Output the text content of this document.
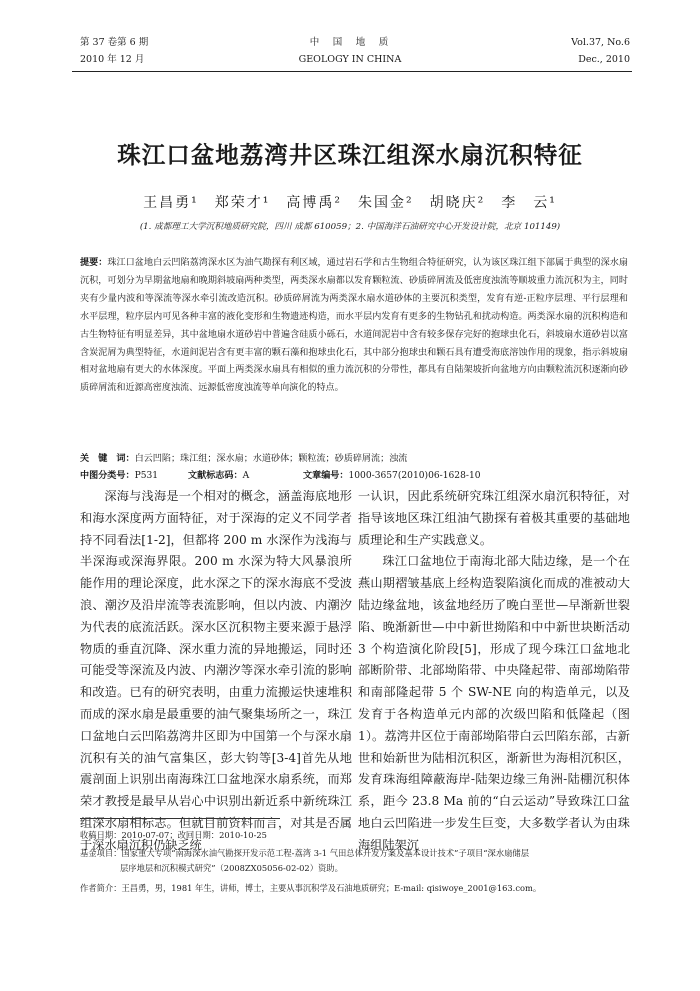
第 37 卷第 6 期
2010 年 12 月
中　国　地　质
GEOLOGY IN CHINA
Vol.37, No.6
Dec., 2010
珠江口盆地荔湾井区珠江组深水扇沉积特征
王昌勇¹　郑荣才¹　高博禹²　朱国金²　胡晓庆²　李　云¹
(1. 成都理工大学沉积地质研究院，四川 成都 610059；2. 中国海洋石油研究中心开发设计院，北京 101149)
提要：珠江口盆地白云凹陷荔湾深水区为油气勘探有利区域，通过岩石学和古生物组合特征研究，认为该区珠江组下部属于典型的深水扇沉积，可划分为早期盆地扇和晚期斜坡扇两种类型，两类深水扇都以发育颗粒流、砂质碎屑流及低密度浊流等顺坡重力流沉积为主，同时夹有少量内波和等深流等深水牵引流改造沉积。砂质碎屑流为两类深水扇水道砂体的主要沉积类型，发育有逆-正粒序层理、平行层理和水平层理，粒序层内可见各种丰富的液化变形和生物遗迹构造，而水平层内发育有更多的生物钻孔和扰动构造。两类深水扇的沉积构造和古生物特征有明显差异，其中盆地扇水道砂岩中普遍含硅质小砾石，水道间泥岩中含有较多保存完好的抱球虫化石，斜坡扇水道砂岩以富含炭泥屑为典型特征，水道间泥岩含有更丰富的颗石藻和抱球虫化石，其中部分抱球虫和颗石具有遭受海底溶蚀作用的现象，指示斜坡扇相对盆地扇有更大的水体深度。平面上两类深水扇具有相似的重力流沉积的分带性，都具有自陆架坡折向盆地方向由颗粒流沉积逐渐向砂质碎屑流和近源高密度浊流、远源低密度浊流等单向演化的特点。
关　键　词：白云凹陷；珠江组；深水扇；水道砂体；颗粒流；砂质碎屑流；浊流
中图分类号：P531	文献标志码：A	文章编号：1000-3657(2010)06-1628-10

深海与浅海是一个相对的概念，涵盖海底地形和海水深度两方面特征，对于深海的定义不同学者持不同看法[1-2]，但都将 200 m 水深作为浅海与半深海或深海界限。200 m 水深为特大风暴浪所能作用的理论深度，此水深之下的深水海底不受波浪、潮汐及沿岸流等表流影响，但以内波、内潮汐为代表的底流活跃。深水区沉积物主要来源于悬浮物质的垂直沉降、深水重力流的异地搬运，同时还可能受等深流及内波、内潮汐等深水牵引流的影响和改造。已有的研究表明，由重力流搬运快速堆积而成的深水扇是最重要的油气聚集场所之一，珠江口盆地白云凹陷荔湾井区即为中国第一个与深水扇沉积有关的油气富集区，彭大钧等[3-4]首先从地震剖面上识别出南海珠江口盆地深水扇系统，而郑荣才教授是最早从岩心中识别出新近系中新统珠江组深水扇相标志。但就目前资料而言，对其是否属于深水扇沉积仍缺乏统

一认识，因此系统研究珠江组深水扇沉积特征，对指导该地区珠江组油气勘探有着极其重要的基础地质理论和生产实践意义。

珠江口盆地位于南海北部大陆边缘，是一个在燕山期褶皱基底上经构造裂陷演化而成的准被动大陆边缘盆地，该盆地经历了晚白垩世—早渐新世裂陷、晚渐新世—中中新世拗陷和中中新世块断活动 3 个构造演化阶段[5]，形成了现今珠江口盆地北部断阶带、北部坳陷带、中央隆起带、南部坳陷带和南部隆起带 5 个 SW-NE 向的构造单元，以及发育于各构造单元内部的次级凹陷和低隆起（图 1）。荔湾井区位于南部坳陷带白云凹陷东部，古新世和始新世为陆相沉积区，渐新世为海相沉积区，发育珠海组障蔽海岸-陆架边缘三角洲-陆棚沉积体系，距今 23.8 Ma 前的“白云运动”导致珠江口盆地白云凹陷进一步发生巨变，大多数学者认为由珠海组陆架沉

收稿日期：2010-07-07；改回日期：2010-10-25
基金项目：国家重大专项“南海深水油气勘探开发示范工程-荔湾 3-1 气田总体开发方案及基本设计技术”子项目“深水扇储层
层序地层和沉积模式研究”（2008ZX05056-02-02）资助。
作者简介：王昌勇，男，1981 年生，讲师，博士，主要从事沉积学及石油地质研究；E-mail: qisiwoye_2001@163.com。
